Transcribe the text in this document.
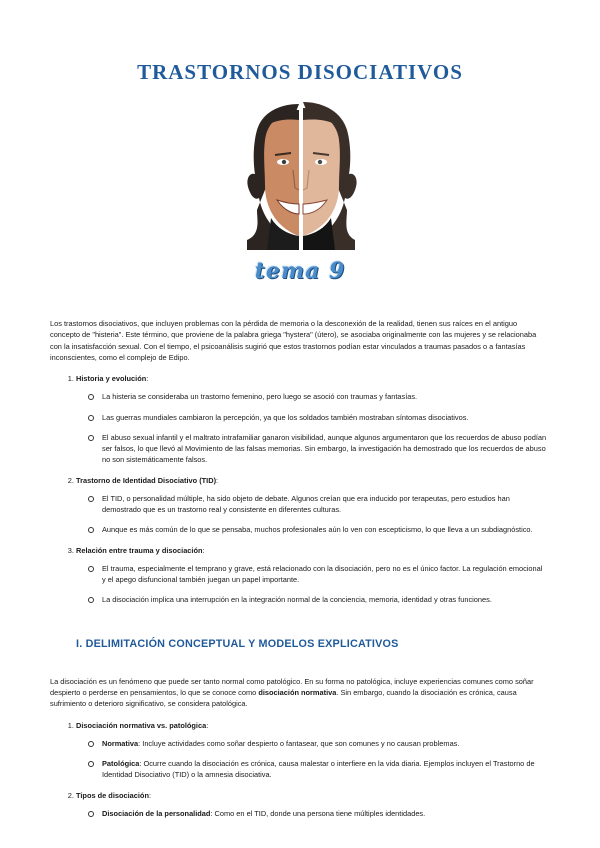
TRASTORNOS DISOCIATIVOS
tema 9

Los trastornos disociativos, que incluyen problemas con la pérdida de memoria o la desconexión de la realidad, tienen sus raíces en el antiguo concepto de "histeria". Este término, que proviene de la palabra griega "hystera" (útero), se asociaba originalmente con las mujeres y se relacionaba con la insatisfacción sexual. Con el tiempo, el psicoanálisis sugirió que estos trastornos podían estar vinculados a traumas pasados o a fantasías inconscientes, como el complejo de Edipo.

1. Historia y evolución:
La histeria se consideraba un trastorno femenino, pero luego se asoció con traumas y fantasías.
Las guerras mundiales cambiaron la percepción, ya que los soldados también mostraban síntomas disociativos.
El abuso sexual infantil y el maltrato intrafamiliar ganaron visibilidad, aunque algunos argumentaron que los recuerdos de abuso podían ser falsos, lo que llevó al Movimiento de las falsas memorias. Sin embargo, la investigación ha demostrado que los recuerdos de abuso no son sistemáticamente falsos.
2. Trastorno de Identidad Disociativo (TID):
El TID, o personalidad múltiple, ha sido objeto de debate. Algunos creían que era inducido por terapeutas, pero estudios han demostrado que es un trastorno real y consistente en diferentes culturas.
Aunque es más común de lo que se pensaba, muchos profesionales aún lo ven con escepticismo, lo que lleva a un subdiagnóstico.
3. Relación entre trauma y disociación:
El trauma, especialmente el temprano y grave, está relacionado con la disociación, pero no es el único factor. La regulación emocional y el apego disfuncional también juegan un papel importante.
La disociación implica una interrupción en la integración normal de la conciencia, memoria, identidad y otras funciones.
I. DELIMITACIÓN CONCEPTUAL Y MODELOS EXPLICATIVOS

La disociación es un fenómeno que puede ser tanto normal como patológico. En su forma no patológica, incluye experiencias comunes como soñar despierto o perderse en pensamientos, lo que se conoce como disociación normativa. Sin embargo, cuando la disociación es crónica, causa sufrimiento o deterioro significativo, se considera patológica.

1. Disociación normativa vs. patológica:
Normativa: Incluye actividades como soñar despierto o fantasear, que son comunes y no causan problemas.
Patológica: Ocurre cuando la disociación es crónica, causa malestar o interfiere en la vida diaria. Ejemplos incluyen el Trastorno de Identidad Disociativo (TID) o la amnesia disociativa.
2. Tipos de disociación:
Disociación de la personalidad: Como en el TID, donde una persona tiene múltiples identidades.
